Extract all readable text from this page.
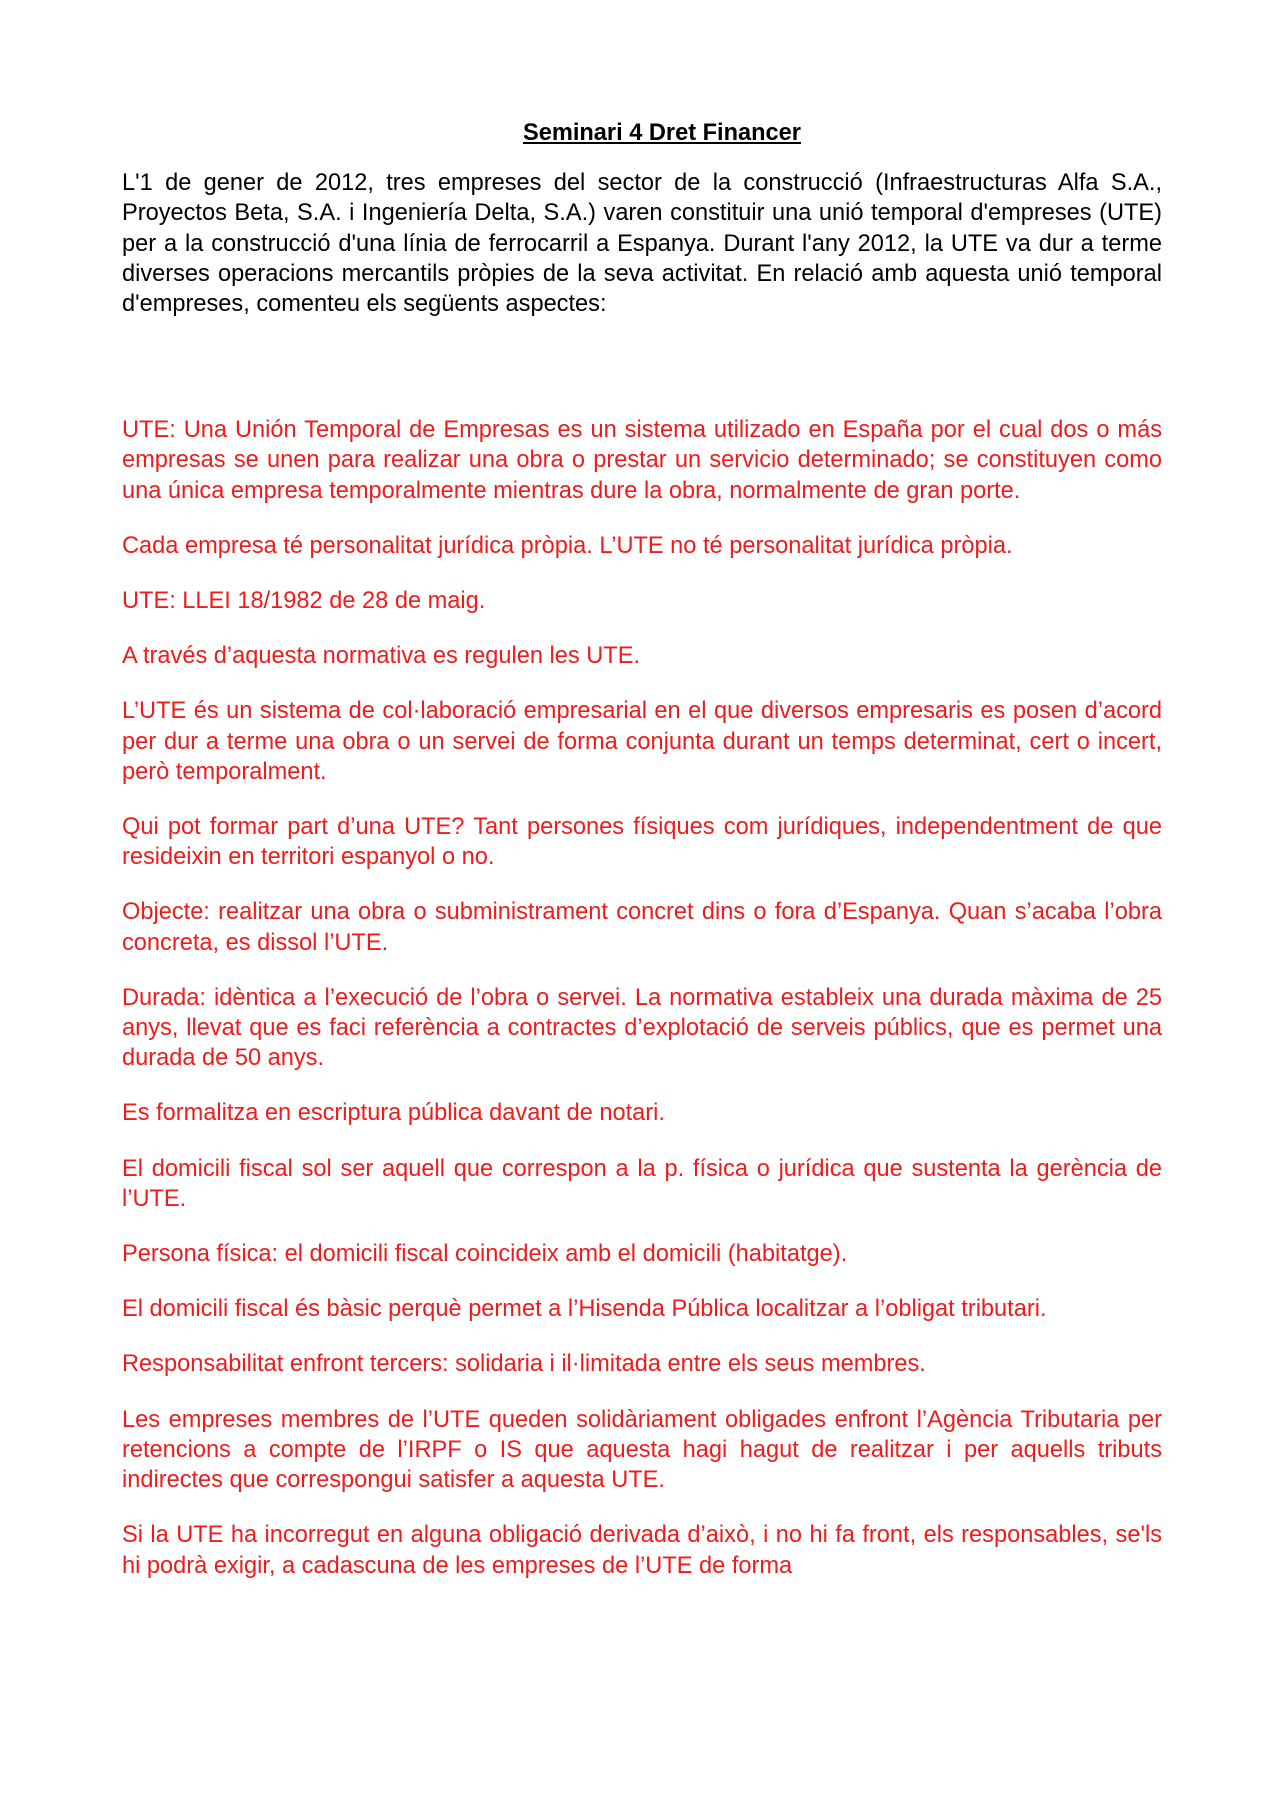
Seminari 4 Dret Financer

L'1 de gener de 2012, tres empreses del sector de la construcció (Infraestructuras Alfa S.A., Proyectos Beta, S.A. i Ingeniería Delta, S.A.) varen constituir una unió temporal d'empreses (UTE) per a la construcció d'una línia de ferrocarril a Espanya. Durant l'any 2012, la UTE va dur a terme diverses operacions mercantils pròpies de la seva activitat. En relació amb aquesta unió temporal d'empreses, comenteu els següents aspectes:

UTE: Una Unión Temporal de Empresas es un sistema utilizado en España por el cual dos o más empresas se unen para realizar una obra o prestar un servicio determinado; se constituyen como una única empresa temporalmente mientras dure la obra, normalmente de gran porte.

Cada empresa té personalitat jurídica pròpia. L’UTE no té personalitat jurídica pròpia.

UTE: LLEI 18/1982 de 28 de maig.

A través d’aquesta normativa es regulen les UTE.

L’UTE és un sistema de col·laboració empresarial en el que diversos empresaris es posen d’acord per dur a terme una obra o un servei de forma conjunta durant un temps determinat, cert o incert, però temporalment.

Qui pot formar part d’una UTE? Tant persones físiques com jurídiques, independentment de que resideixin en territori espanyol o no.

Objecte: realitzar una obra o subministrament concret dins o fora d’Espanya. Quan s’acaba l’obra concreta, es dissol l’UTE.

Durada: idèntica a l’execució de l’obra o servei. La normativa estableix una durada màxima de 25 anys, llevat que es faci referència a contractes d’explotació de serveis públics, que es permet una durada de 50 anys.

Es formalitza en escriptura pública davant de notari.

El domicili fiscal sol ser aquell que correspon a la p. física o jurídica que sustenta la gerència de l’UTE.

Persona física: el domicili fiscal coincideix amb el domicili (habitatge).

El domicili fiscal és bàsic perquè permet a l’Hisenda Pública localitzar a l’obligat tributari.

Responsabilitat enfront tercers: solidaria i il·limitada entre els seus membres.

Les empreses membres de l’UTE queden solidàriament obligades enfront l’Agència Tributaria per retencions a compte de l’IRPF o IS que aquesta hagi hagut de realitzar i per aquells tributs indirectes que correspongui satisfer a aquesta UTE.

Si la UTE ha incorregut en alguna obligació derivada d’això, i no hi fa front, els responsables, se'ls hi podrà exigir, a cadascuna de les empreses de l’UTE de forma
